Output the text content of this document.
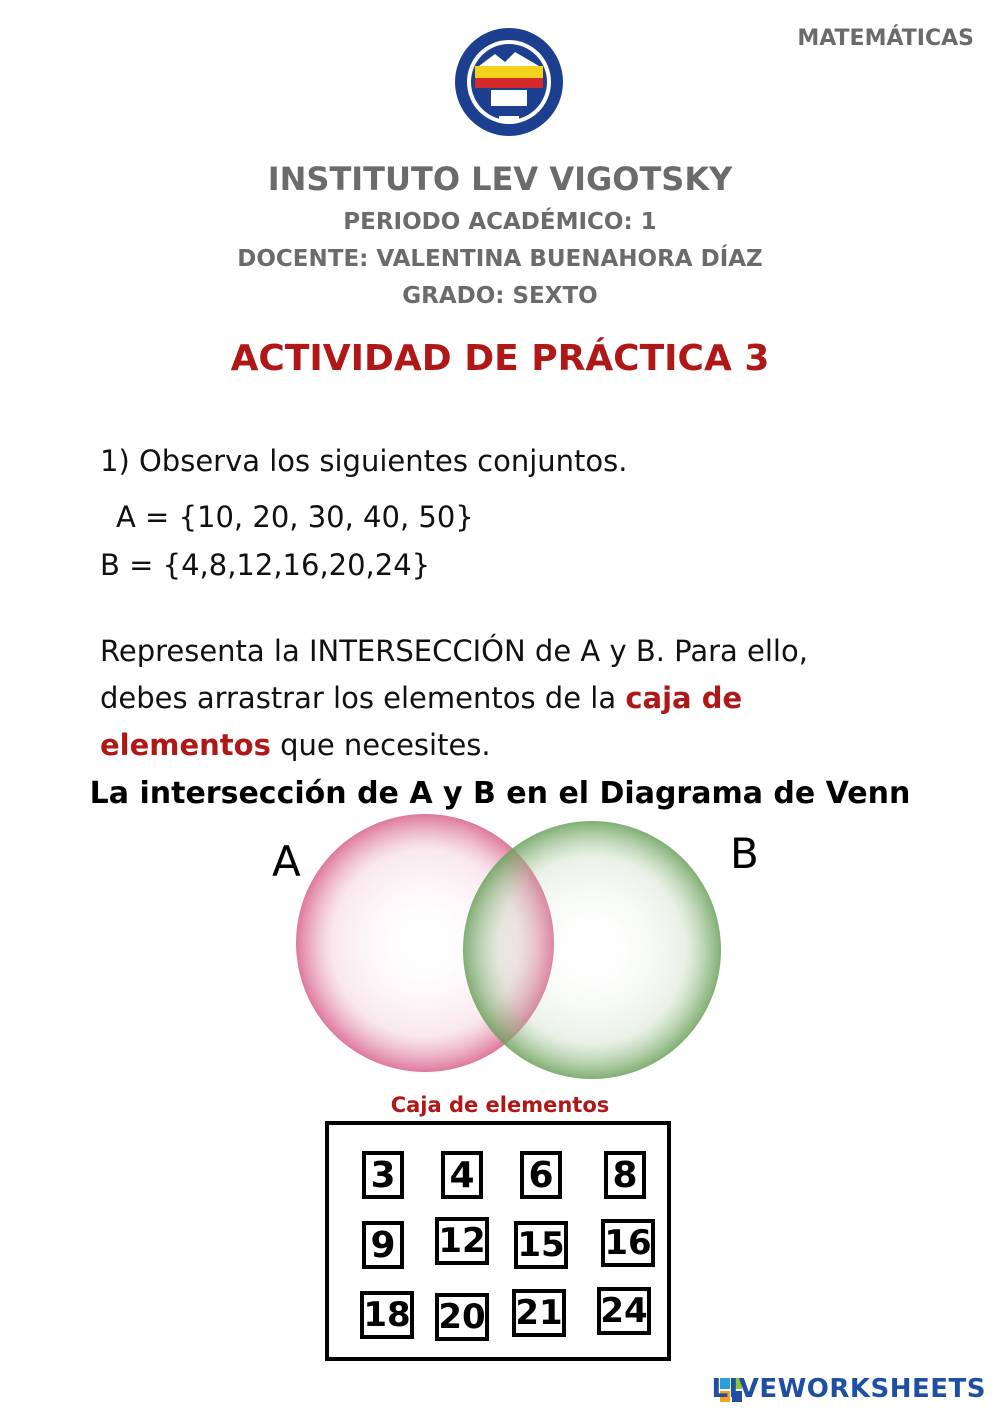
MATEMÁTICAS
INSTITUTO LEV VIGOTSKY
PERIODO ACADÉMICO: 1
DOCENTE: VALENTINA BUENAHORA DÍAZ
GRADO: SEXTO
ACTIVIDAD DE PRÁCTICA 3
1) Observa los siguientes conjuntos.
A = {10, 20, 30, 40, 50}
B = {4,8,12,16,20,24}
Representa la INTERSECCIÓN de A y B. Para ello, debes arrastrar los elementos de la caja de elementos que necesites.
La intersección de A y B en el Diagrama de Venn
A	B
Caja de elementos
3 4 6 8
9 12 15 16
18 20 21 24
LIVEWORKSHEETS
